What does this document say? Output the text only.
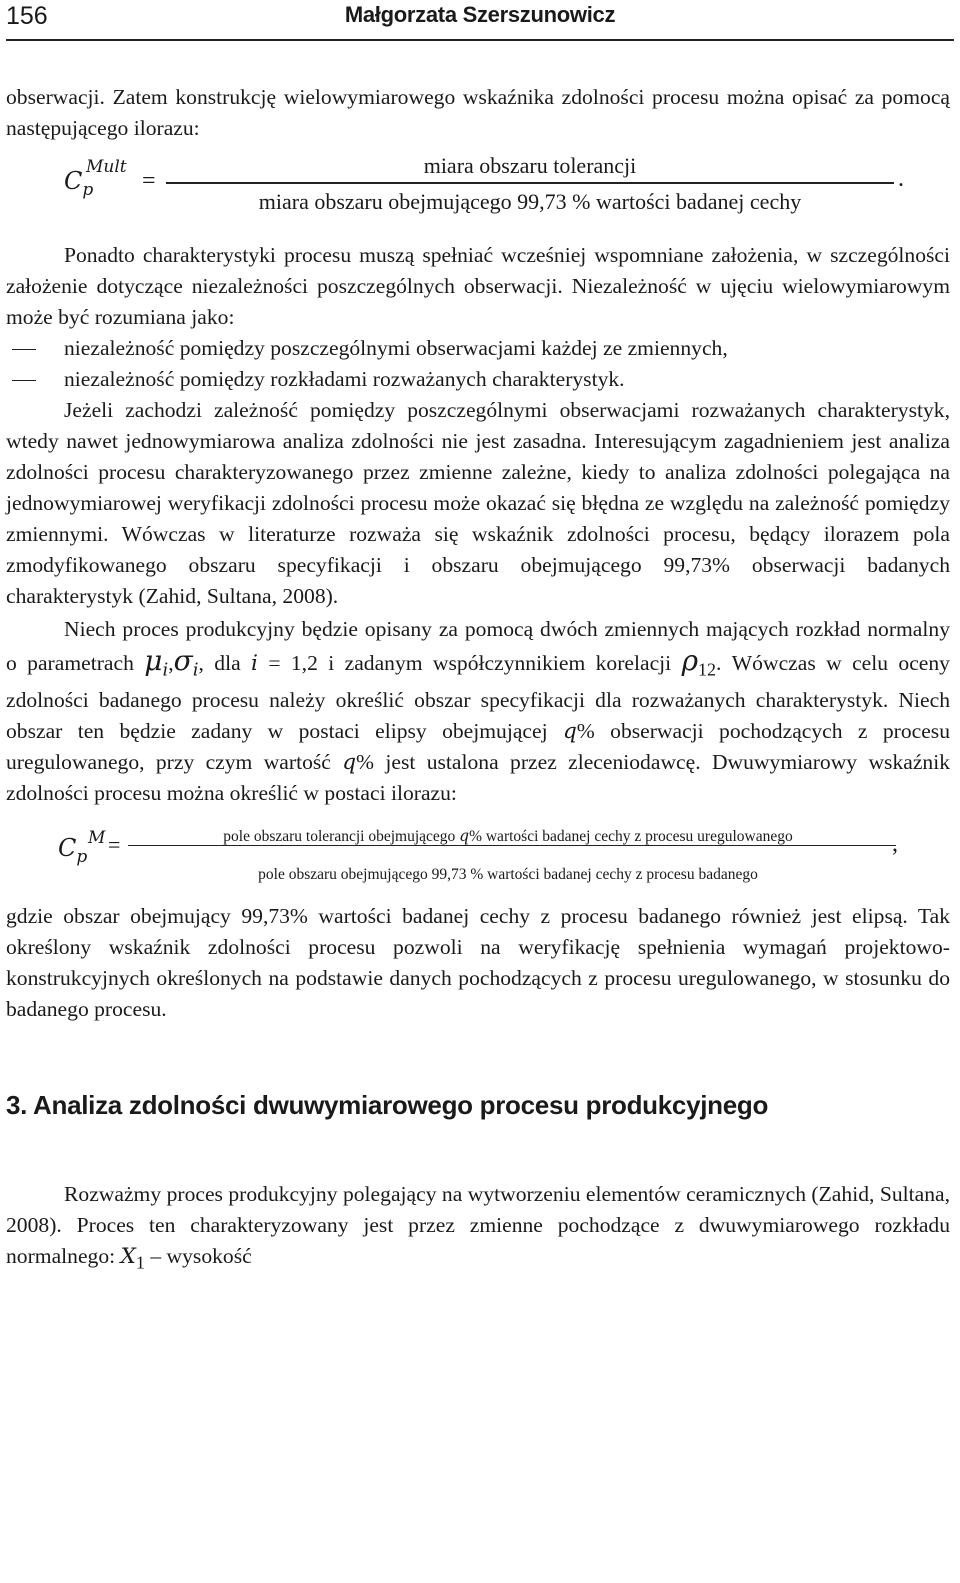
156	Małgorzata Szerszunowicz

obserwacji. Zatem konstrukcję wielowymiarowego wskaźnika zdolności procesu można opisać za pomocą następującego ilorazu:

$C_p$
Mult
=
miara obszaru tolerancji
miara obszaru obejmującego 99,73 % wartości badanej cechy
.

Ponadto charakterystyki procesu muszą spełniać wcześniej wspomniane założenia, w szczególności założenie dotyczące niezależności poszczególnych obserwacji. Niezależność w ujęciu wielowymiarowym może być rozumiana jako:

niezależność pomiędzy poszczególnymi obserwacjami każdej ze zmiennych,
niezależność pomiędzy rozkładami rozważanych charakterystyk.

Jeżeli zachodzi zależność pomiędzy poszczególnymi obserwacjami rozważanych charakterystyk, wtedy nawet jednowymiarowa analiza zdolności nie jest zasadna. Interesującym zagadnieniem jest analiza zdolności procesu charakteryzowanego przez zmienne zależne, kiedy to analiza zdolności polegająca na jednowymiarowej weryfikacji zdolności procesu może okazać się błędna ze względu na zależność pomiędzy zmiennymi. Wówczas w literaturze rozważa się wskaźnik zdolności procesu, będący ilorazem pola zmodyfikowanego obszaru specyfikacji i obszaru obejmującego 99,73% obserwacji badanych charakterystyk (Zahid, Sultana, 2008).

Niech proces produkcyjny będzie opisany za pomocą dwóch zmiennych mających rozkład normalny o parametrach $\mu_i,\sigma_i$, dla i = 1,2 i zadanym współczynnikiem korelacji $\rho_{12}$. Wówczas w celu oceny zdolności badanego procesu należy określić obszar specyfikacji dla rozważanych charakterystyk. Niech obszar ten będzie zadany w postaci elipsy obejmującej q% obserwacji pochodzących z procesu uregulowanego, przy czym wartość q% jest ustalona przez zleceniodawcę. Dwuwymiarowy wskaźnik zdolności procesu można określić w postaci ilorazu:

$C_p$
M =	pole obszaru tolerancji obejmującego q% wartości badanej cechy z procesu uregulowanego
pole obszaru obejmującego 99,73 % wartości badanej cechy z procesu badanego
,

gdzie obszar obejmujący 99,73% wartości badanej cechy z procesu badanego również jest elipsą. Tak określony wskaźnik zdolności procesu pozwoli na weryfikację spełnienia wymagań projektowo-konstrukcyjnych określonych na podstawie danych pochodzących z procesu uregulowanego, w stosunku do badanego procesu.

3. Analiza zdolności dwuwymiarowego procesu produkcyjnego

Rozważmy proces produkcyjny polegający na wytworzeniu elementów ceramicznych (Zahid, Sultana, 2008). Proces ten charakteryzowany jest przez zmienne pochodzące z dwuwymiarowego rozkładu normalnego: $X_1$ – wysokość
